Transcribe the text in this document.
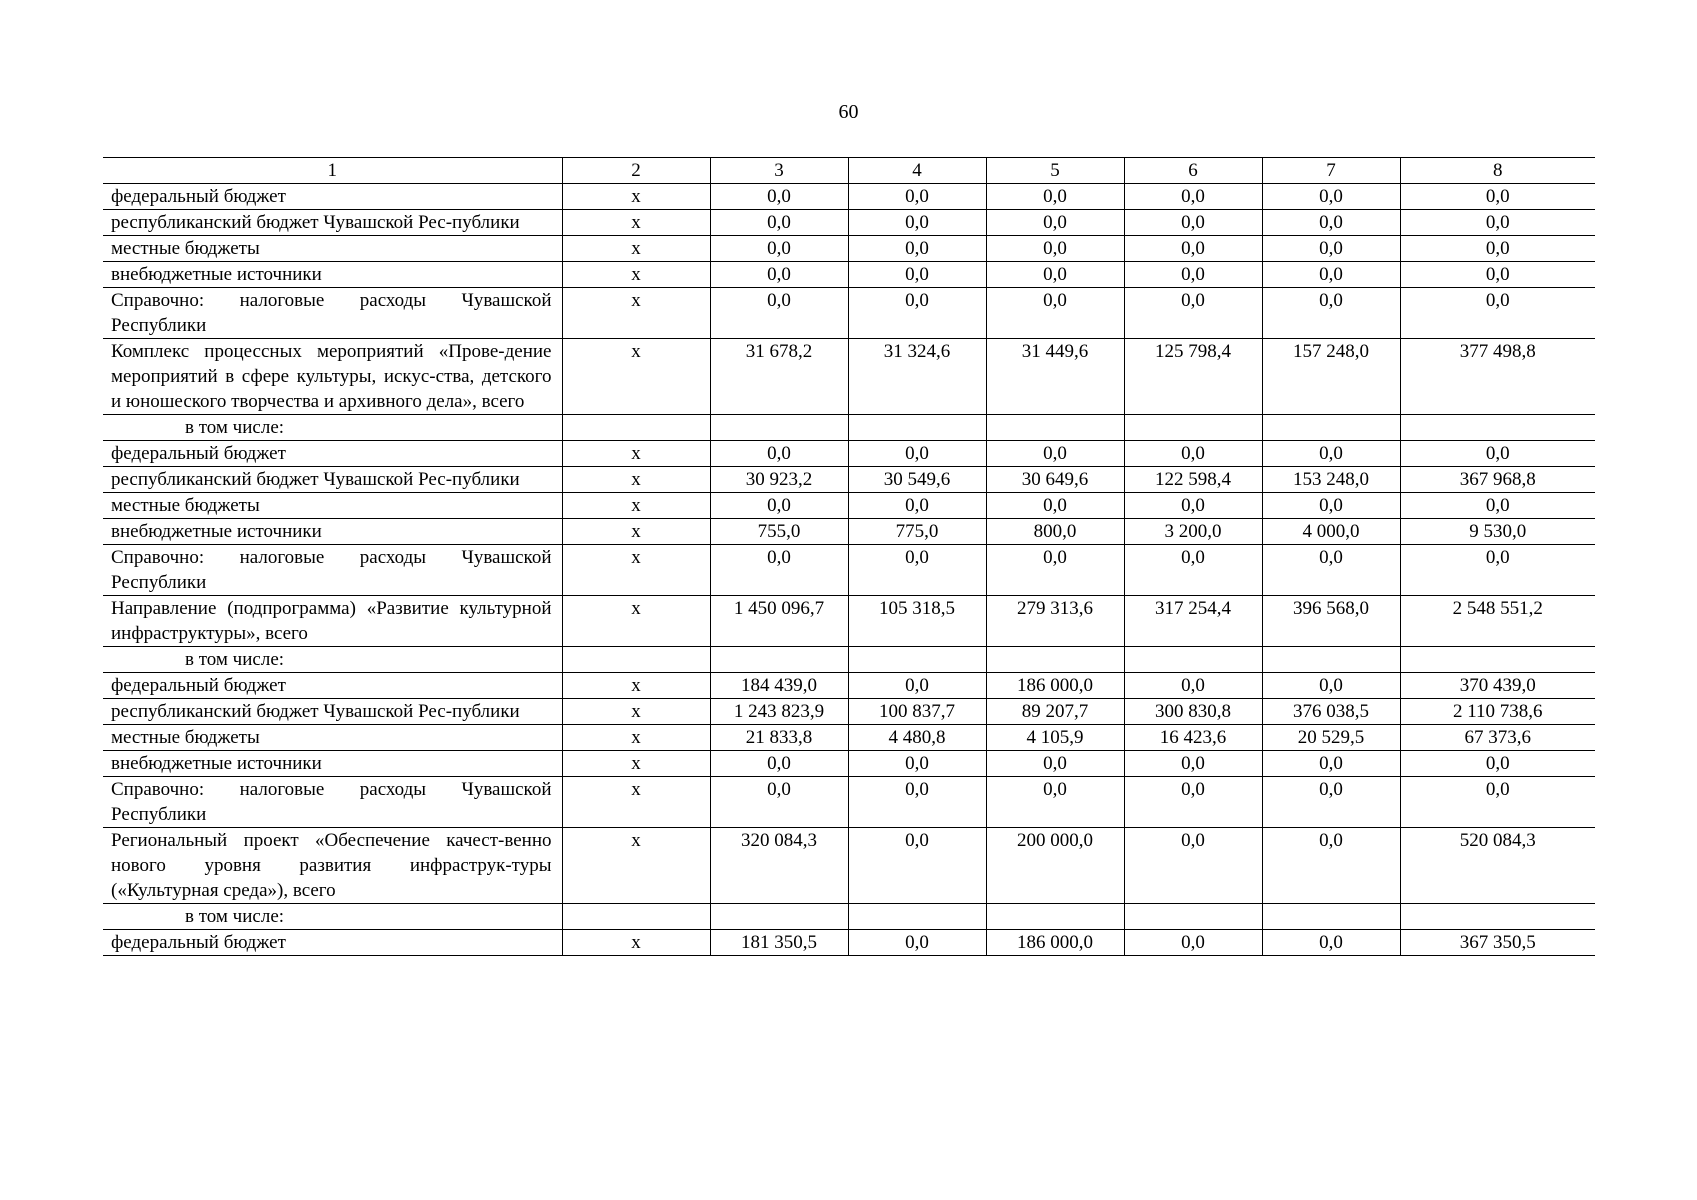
60
1	2	3	4	5	6	7	8
федеральный бюджет	х	0,0	0,0	0,0	0,0	0,0	0,0
республиканский бюджет Чувашской Рес-публики	х	0,0	0,0	0,0	0,0	0,0	0,0
местные бюджеты	х	0,0	0,0	0,0	0,0	0,0	0,0
внебюджетные источники	х	0,0	0,0	0,0	0,0	0,0	0,0
Справочно: налоговые расходы Чувашской Республики	х	0,0	0,0	0,0	0,0	0,0	0,0
Комплекс процессных мероприятий «Прове-дение мероприятий в сфере культуры, искус-ства, детского и юношеского творчества и архивного дела», всего	х	31 678,2	31 324,6	31 449,6	125 798,4	157 248,0	377 498,8
в том числе:							
федеральный бюджет	х	0,0	0,0	0,0	0,0	0,0	0,0
республиканский бюджет Чувашской Рес-публики	х	30 923,2	30 549,6	30 649,6	122 598,4	153 248,0	367 968,8
местные бюджеты	х	0,0	0,0	0,0	0,0	0,0	0,0
внебюджетные источники	х	755,0	775,0	800,0	3 200,0	4 000,0	9 530,0
Справочно: налоговые расходы Чувашской Республики	х	0,0	0,0	0,0	0,0	0,0	0,0
Направление (подпрограмма) «Развитие культурной инфраструктуры», всего	х	1 450 096,7	105 318,5	279 313,6	317 254,4	396 568,0	2 548 551,2
в том числе:							
федеральный бюджет	х	184 439,0	0,0	186 000,0	0,0	0,0	370 439,0
республиканский бюджет Чувашской Рес-публики	х	1 243 823,9	100 837,7	89 207,7	300 830,8	376 038,5	2 110 738,6
местные бюджеты	х	21 833,8	4 480,8	4 105,9	16 423,6	20 529,5	67 373,6
внебюджетные источники	х	0,0	0,0	0,0	0,0	0,0	0,0
Справочно: налоговые расходы Чувашской Республики	х	0,0	0,0	0,0	0,0	0,0	0,0
Региональный проект «Обеспечение качест-венно нового уровня развития инфраструк-туры («Культурная среда»), всего	х	320 084,3	0,0	200 000,0	0,0	0,0	520 084,3
в том числе:							
федеральный бюджет	х	181 350,5	0,0	186 000,0	0,0	0,0	367 350,5
